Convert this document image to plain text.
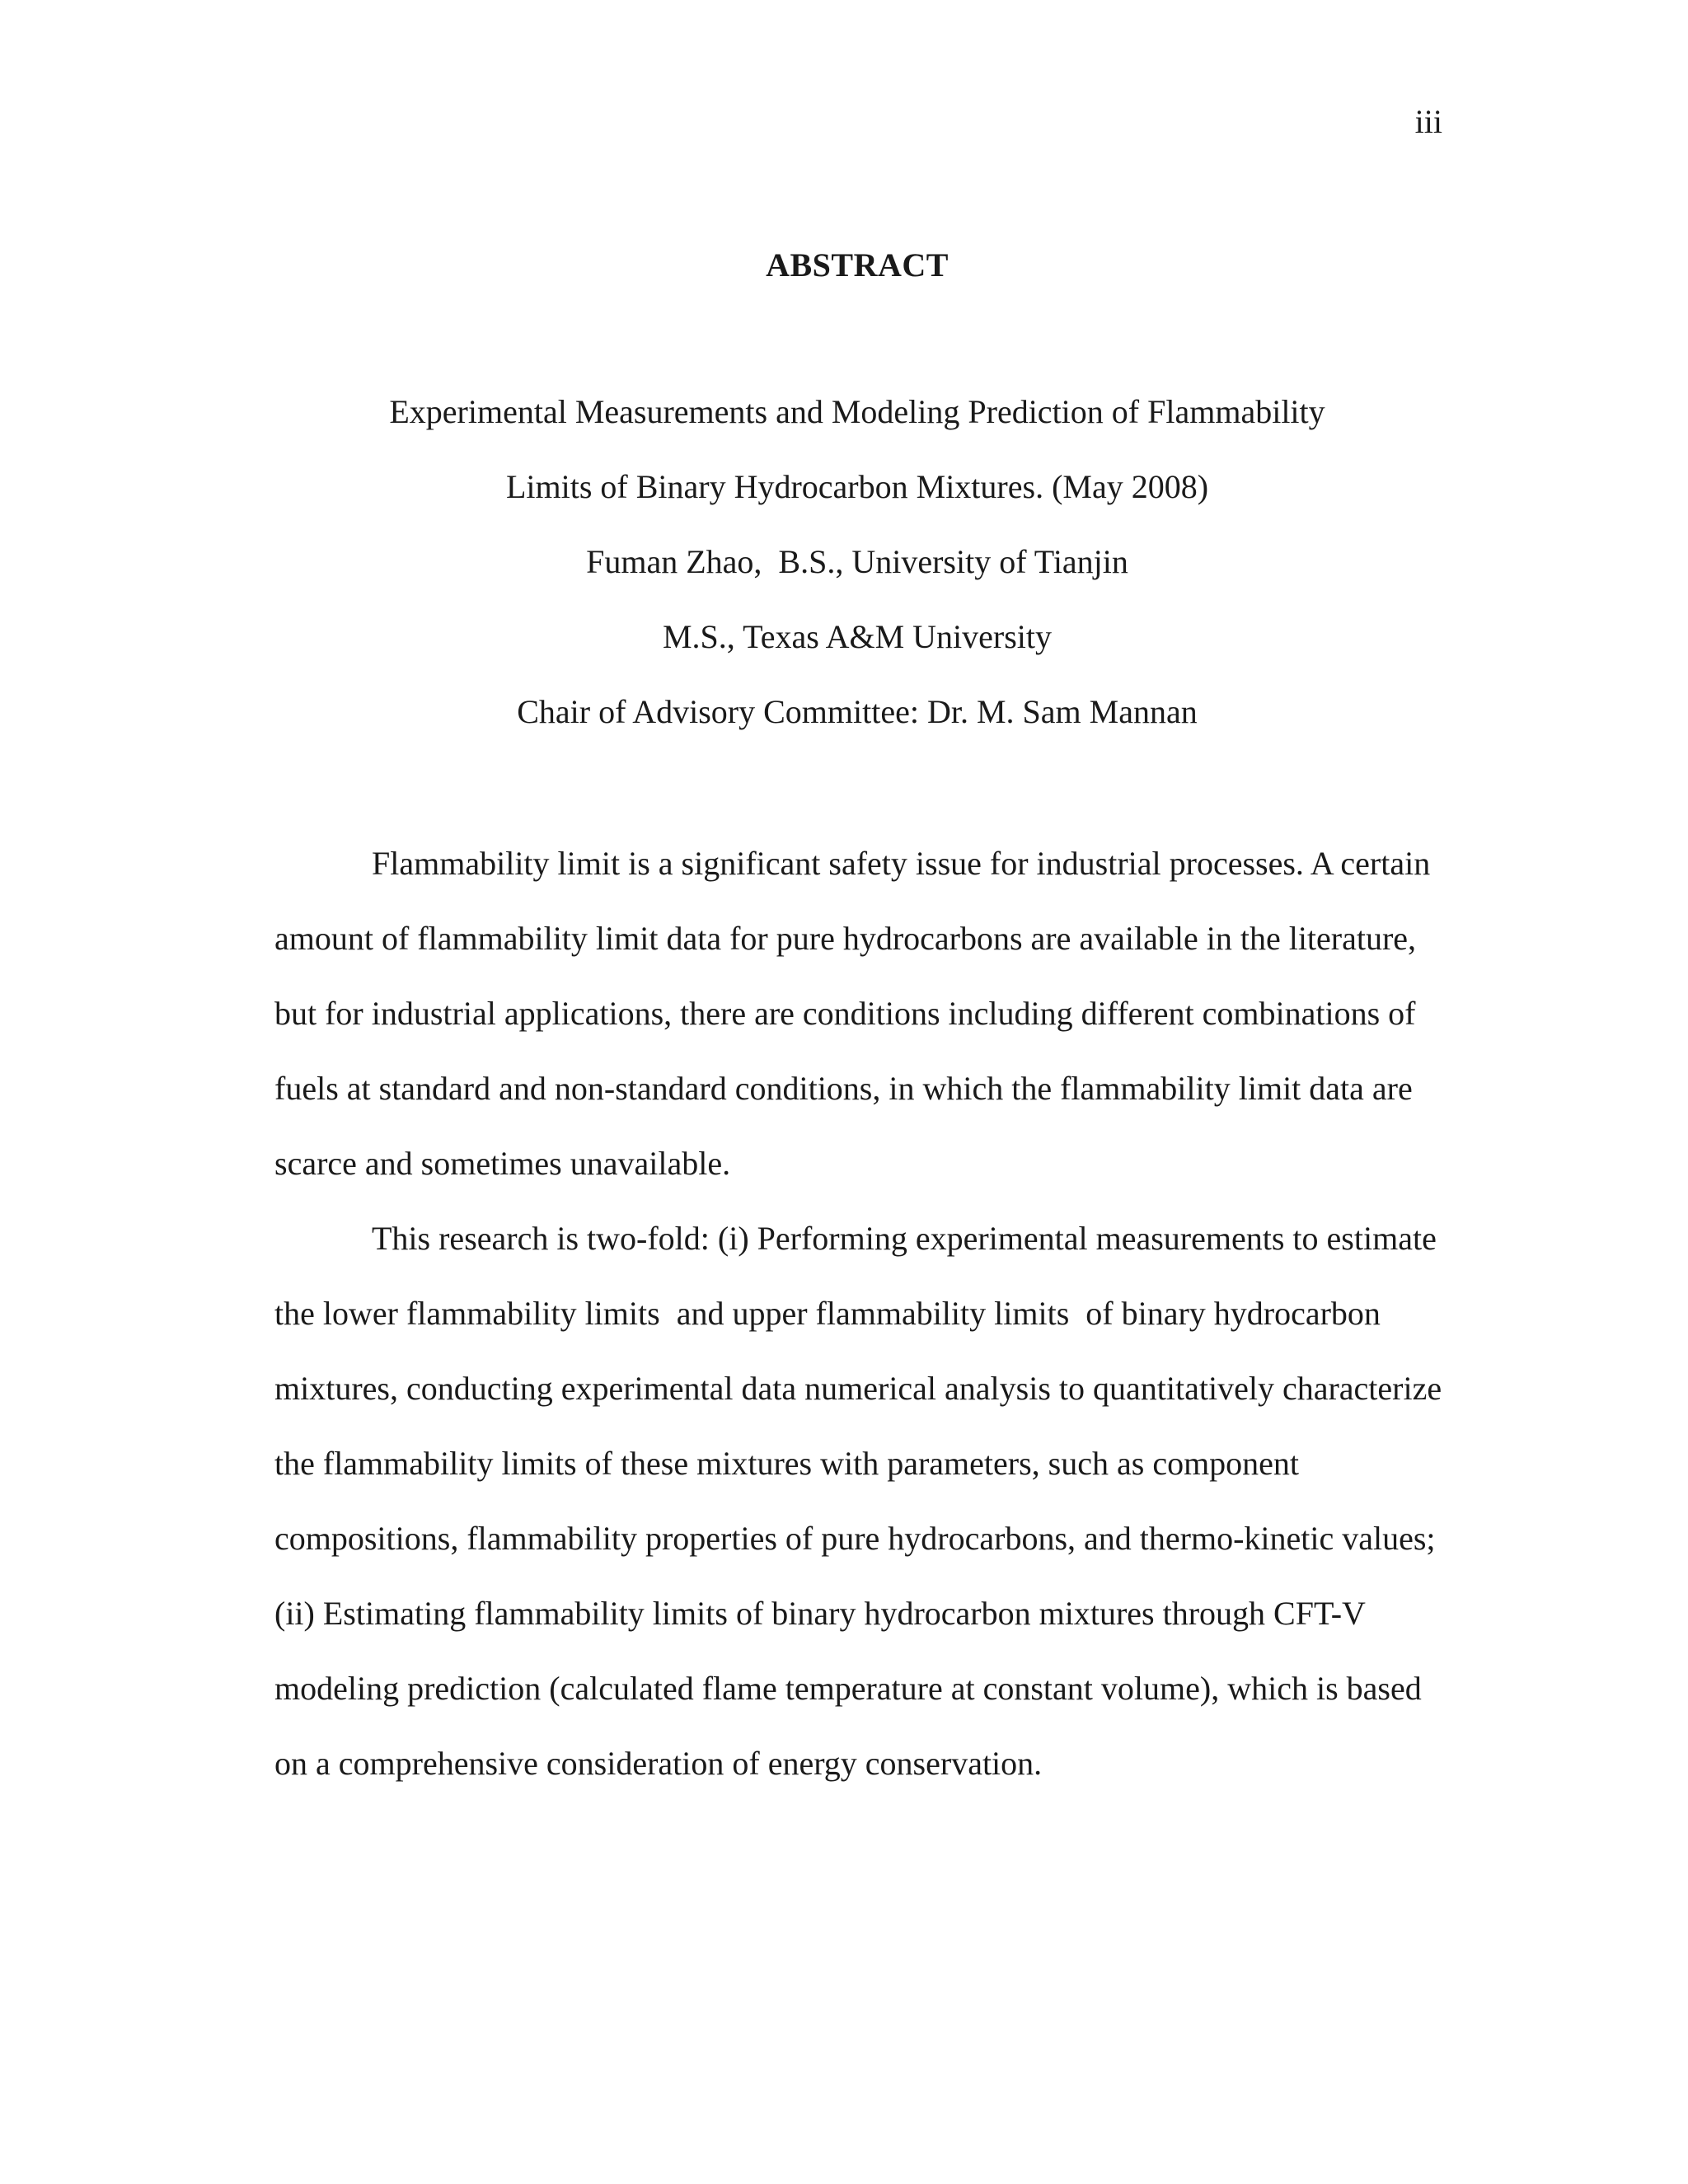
iii
ABSTRACT
Experimental Measurements and Modeling Prediction of Flammability
Limits of Binary Hydrocarbon Mixtures. (May 2008)
Fuman Zhao,  B.S., University of Tianjin
M.S., Texas A&M University
Chair of Advisory Committee: Dr. M. Sam Mannan
Flammability limit is a significant safety issue for industrial processes. A certain
amount of flammability limit data for pure hydrocarbons are available in the literature,
but for industrial applications, there are conditions including different combinations of
fuels at standard and non-standard conditions, in which the flammability limit data are
scarce and sometimes unavailable.
This research is two-fold: (i) Performing experimental measurements to estimate
the lower flammability limits  and upper flammability limits  of binary hydrocarbon
mixtures, conducting experimental data numerical analysis to quantitatively characterize
the flammability limits of these mixtures with parameters, such as component
compositions, flammability properties of pure hydrocarbons, and thermo-kinetic values;
(ii) Estimating flammability limits of binary hydrocarbon mixtures through CFT-V
modeling prediction (calculated flame temperature at constant volume), which is based
on a comprehensive consideration of energy conservation.
